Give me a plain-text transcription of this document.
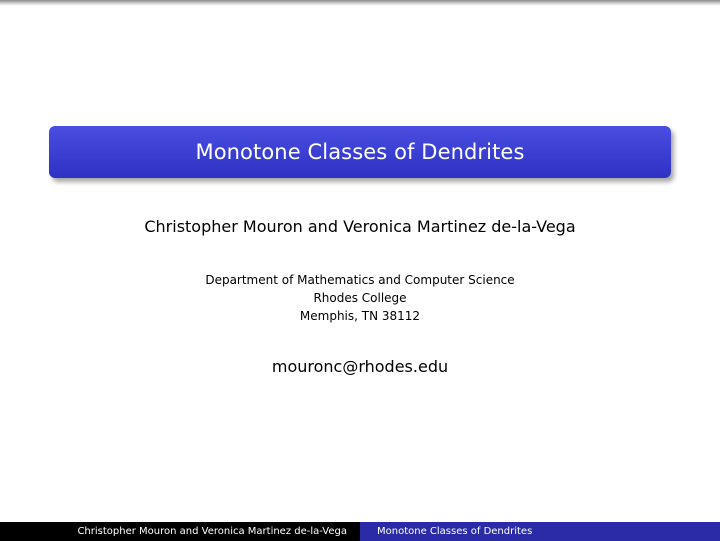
Monotone Classes of Dendrites
Christopher Mouron and Veronica Martinez de-la-Vega
Department of Mathematics and Computer Science
Rhodes College
Memphis, TN 38112
mouronc@rhodes.edu
Christopher Mouron and Veronica Martinez de-la-Vega	Monotone Classes of Dendrites
